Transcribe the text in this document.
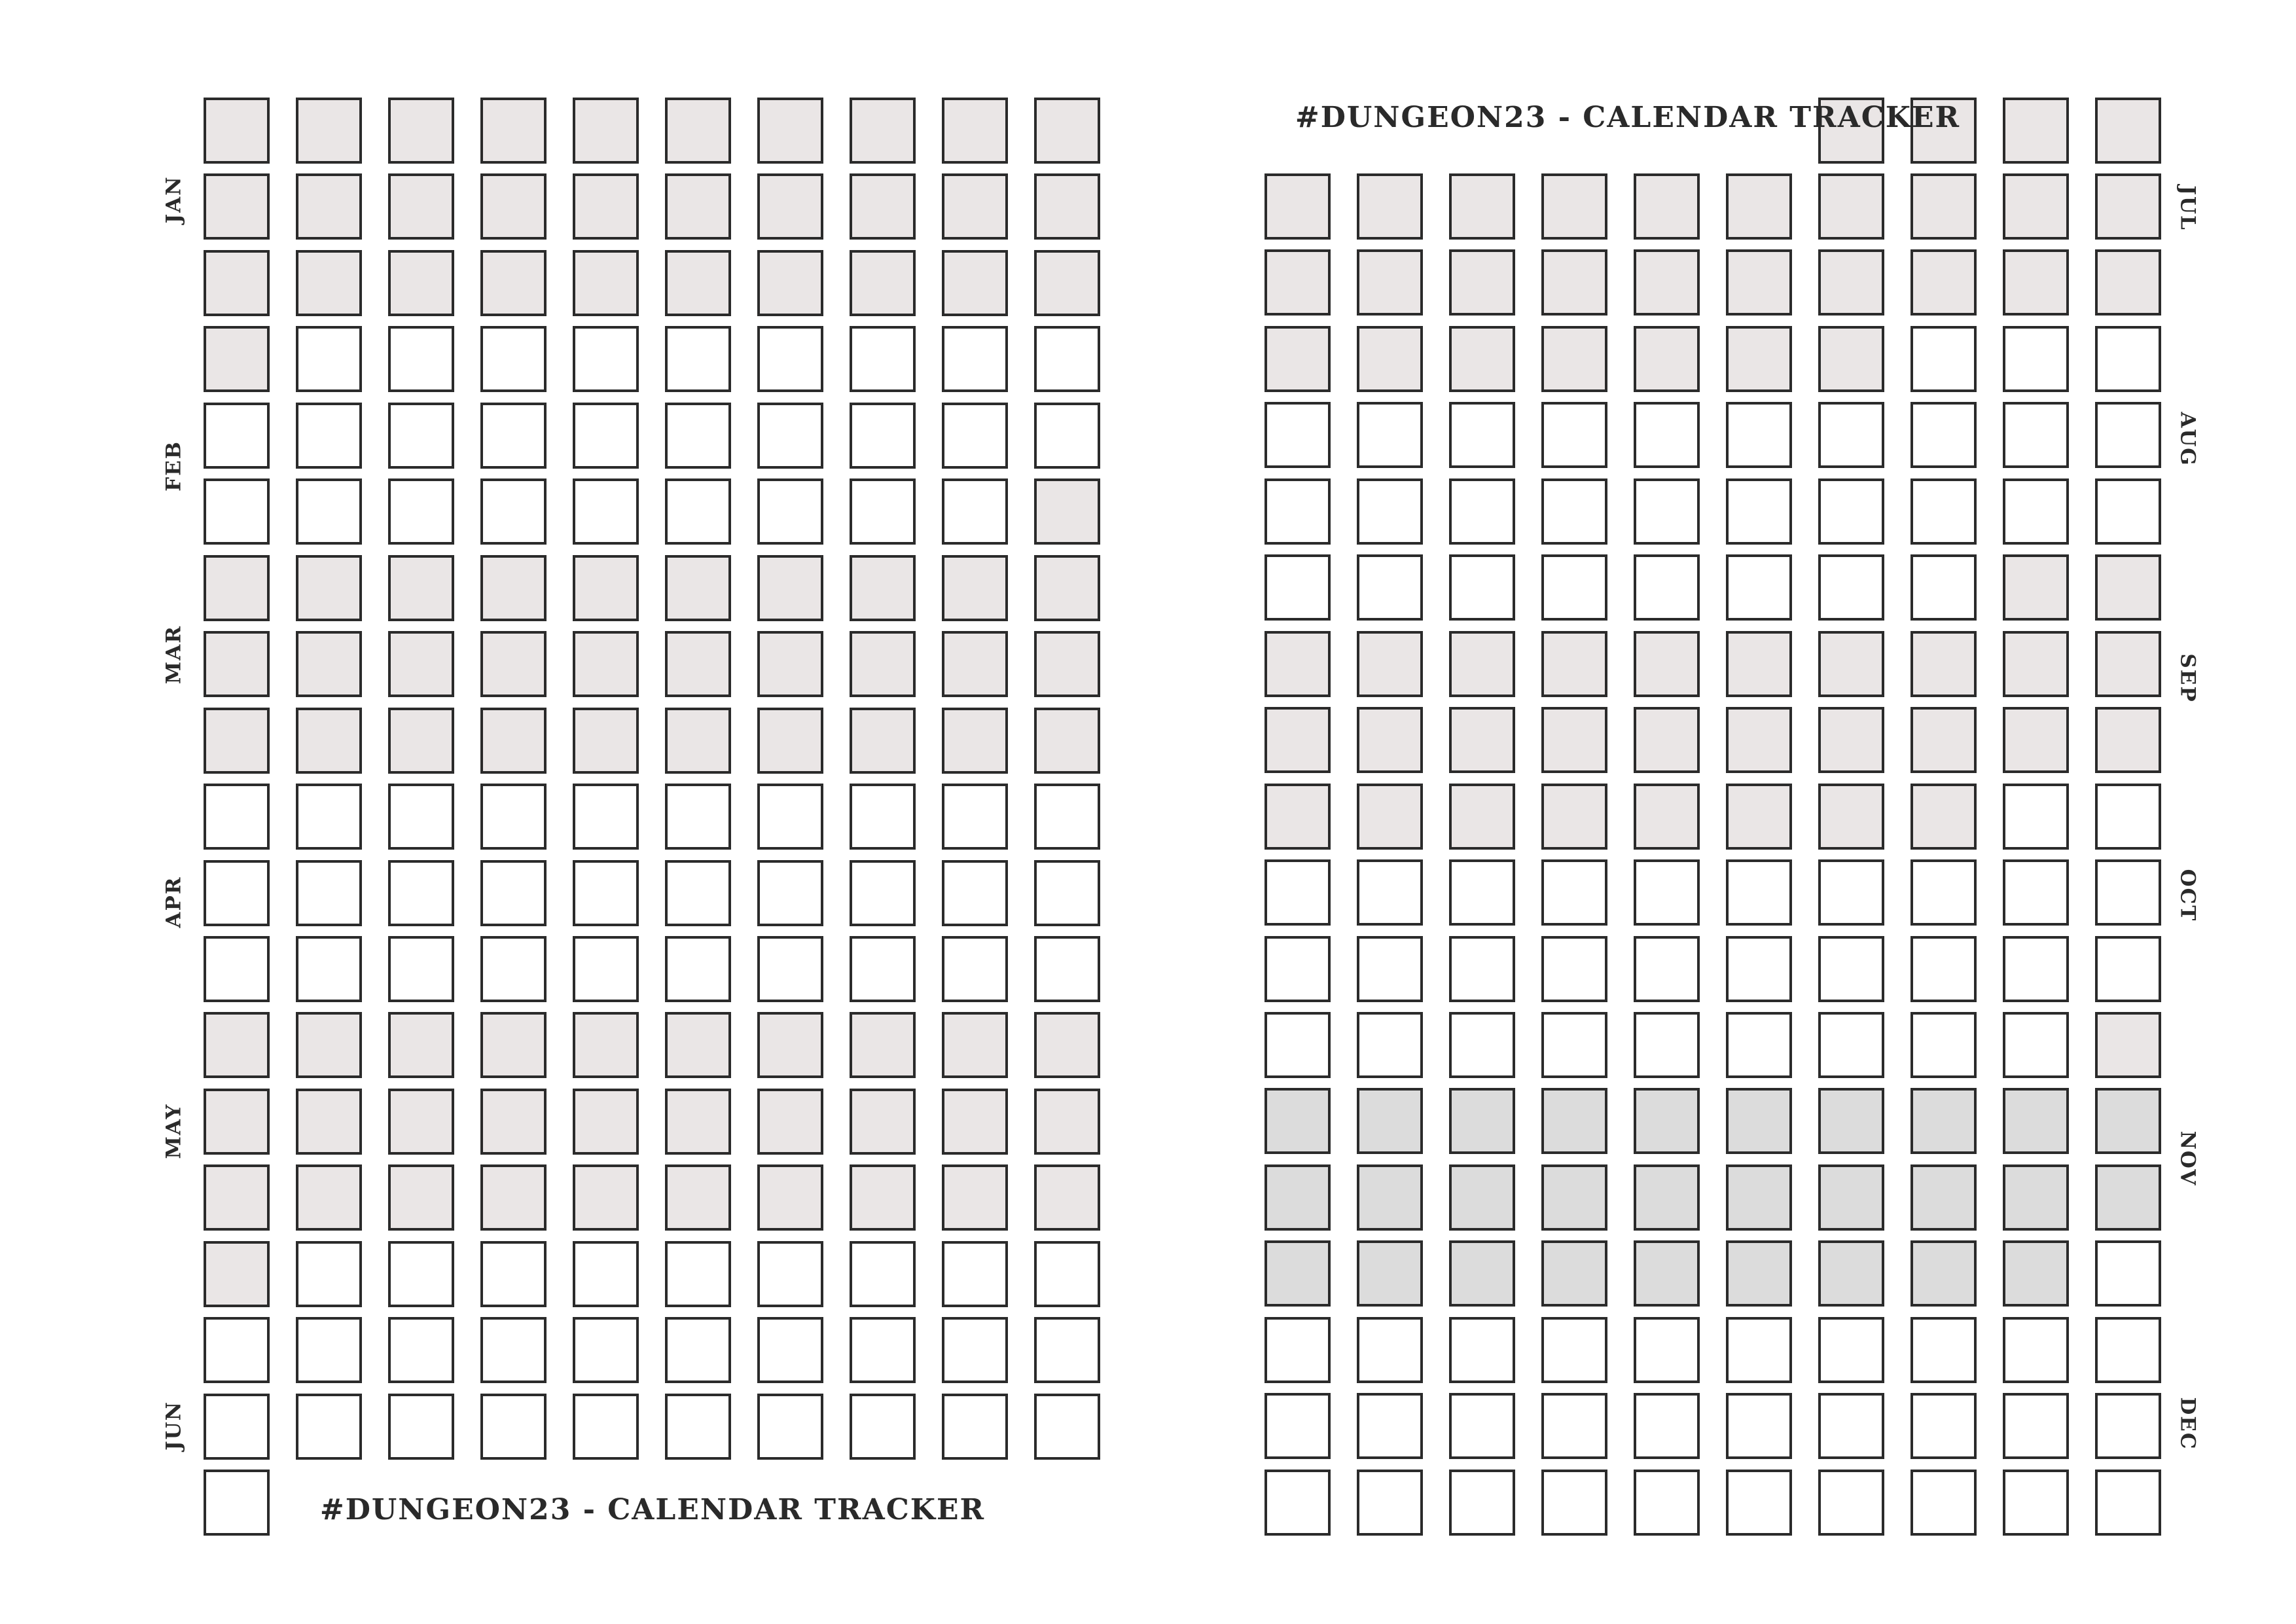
JAN
FEB
MAR
APR
MAY
JUN
JUL
AUG
SEP
OCT
NOV
DEC
#DUNGEON23 - CALENDAR TRACKER
#DUNGEON23 - CALENDAR TRACKER
